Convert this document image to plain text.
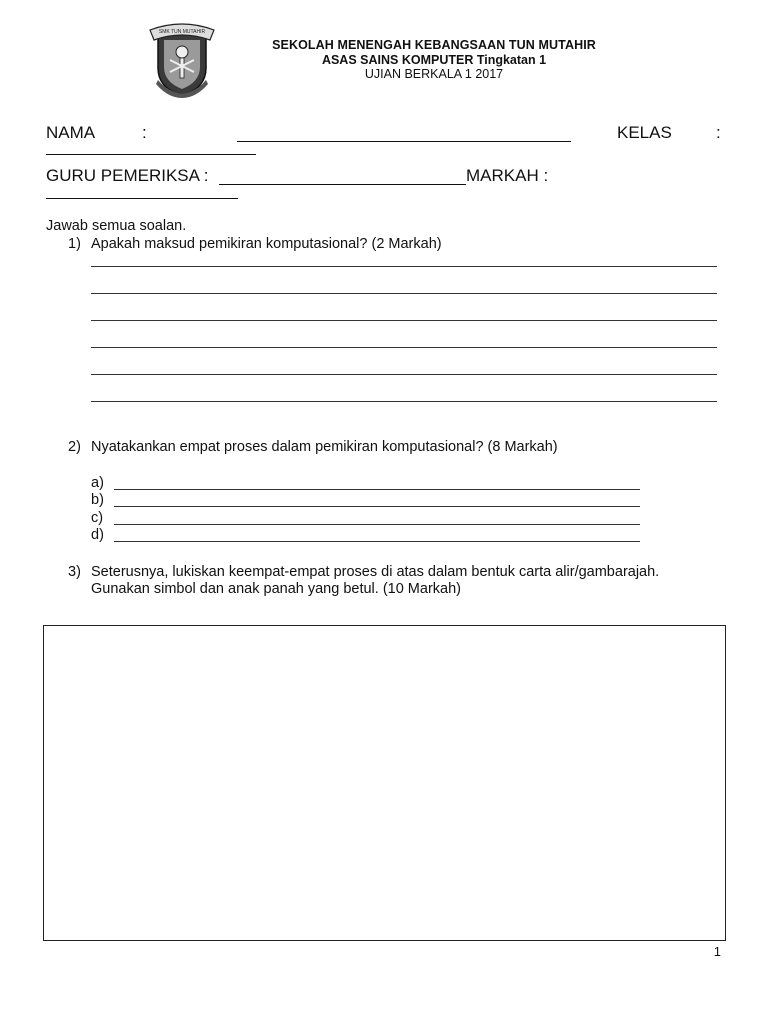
SMK TUN MUTAHIR
SEKOLAH MENENGAH KEBANGSAAN TUN MUTAHIR
ASAS SAINS KOMPUTER Tingkatan 1
UJIAN BERKALA 1 2017
NAMA	:	KELAS	:
GURU PEMERIKSA :	MARKAH :
Jawab semua soalan.
1) Apakah maksud pemikiran komputasional? (2 Markah)
2) Nyatakankan empat proses dalam pemikiran komputasional? (8 Markah)
a)
b)
c)
d)
3) Seterusnya, lukiskan keempat-empat proses di atas dalam bentuk carta alir/gambarajah.
Gunakan simbol dan anak panah yang betul. (10 Markah)
1
